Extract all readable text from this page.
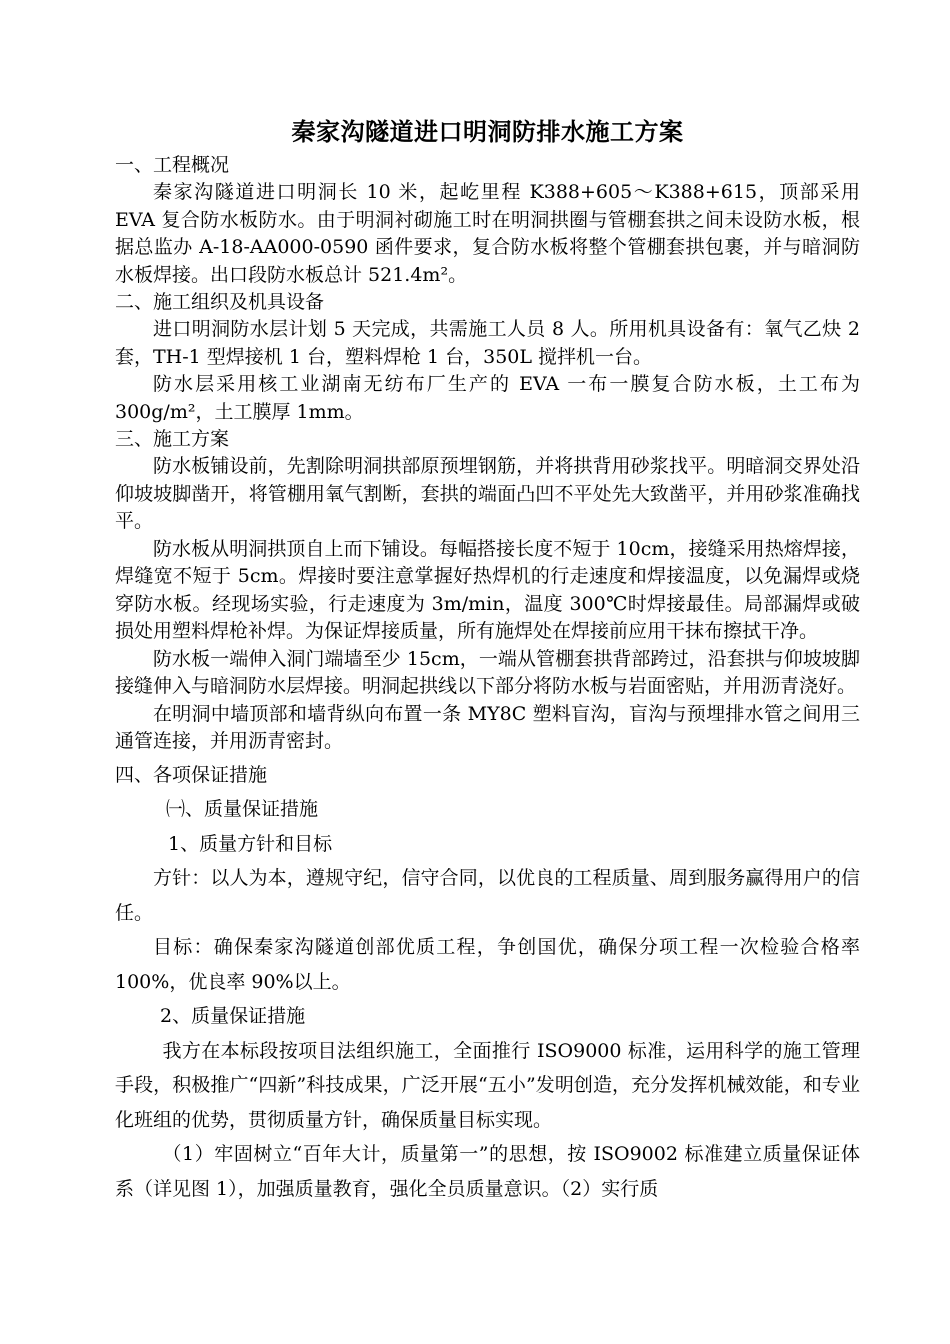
秦家沟隧道进口明洞防排水施工方案

一、工程概况

秦家沟隧道进口明洞长 10 米，起屹里程 K388+605～K388+615，顶部采用 EVA 复合防水板防水。由于明洞衬砌施工时在明洞拱圈与管棚套拱之间未设防水板，根据总监办 A-18-AA000-0590 函件要求，复合防水板将整个管棚套拱包裹，并与暗洞防水板焊接。出口段防水板总计 521.4m²。

二、施工组织及机具设备

进口明洞防水层计划 5 天完成，共需施工人员 8 人。所用机具设备有：氧气乙炔 2 套，TH-1 型焊接机 1 台，塑料焊枪 1 台，350L 搅拌机一台。

防水层采用核工业湖南无纺布厂生产的 EVA 一布一膜复合防水板，土工布为 300g/m²，土工膜厚 1mm。

三、施工方案

防水板铺设前，先割除明洞拱部原预埋钢筋，并将拱背用砂浆找平。明暗洞交界处沿仰坡坡脚凿开，将管棚用氧气割断，套拱的端面凸凹不平处先大致凿平，并用砂浆准确找平。

防水板从明洞拱顶自上而下铺设。每幅搭接长度不短于 10cm，接缝采用热熔焊接，焊缝宽不短于 5cm。焊接时要注意掌握好热焊机的行走速度和焊接温度，以免漏焊或烧穿防水板。经现场实验，行走速度为 3m/min，温度 300℃时焊接最佳。局部漏焊或破损处用塑料焊枪补焊。为保证焊接质量，所有施焊处在焊接前应用干抹布擦拭干净。

防水板一端伸入洞门端墙至少 15cm，一端从管棚套拱背部跨过，沿套拱与仰坡坡脚接缝伸入与暗洞防水层焊接。明洞起拱线以下部分将防水板与岩面密贴，并用沥青浇好。

在明洞中墙顶部和墙背纵向布置一条 MY8C 塑料盲沟，盲沟与预埋排水管之间用三通管连接，并用沥青密封。

四、各项保证措施

㈠、质量保证措施

1、质量方针和目标

方针：以人为本，遵规守纪，信守合同，以优良的工程质量、周到服务赢得用户的信任。

目标：确保秦家沟隧道创部优质工程，争创国优，确保分项工程一次检验合格率 100%，优良率 90%以上。

2、质量保证措施

我方在本标段按项目法组织施工，全面推行 ISO9000 标准，运用科学的施工管理手段，积极推广“四新”科技成果，广泛开展“五小”发明创造，充分发挥机械效能，和专业化班组的优势，贯彻质量方针，确保质量目标实现。

（1）牢固树立“百年大计，质量第一”的思想，按 ISO9002 标准建立质量保证体系（详见图 1），加强质量教育，强化全员质量意识。（2）实行质
